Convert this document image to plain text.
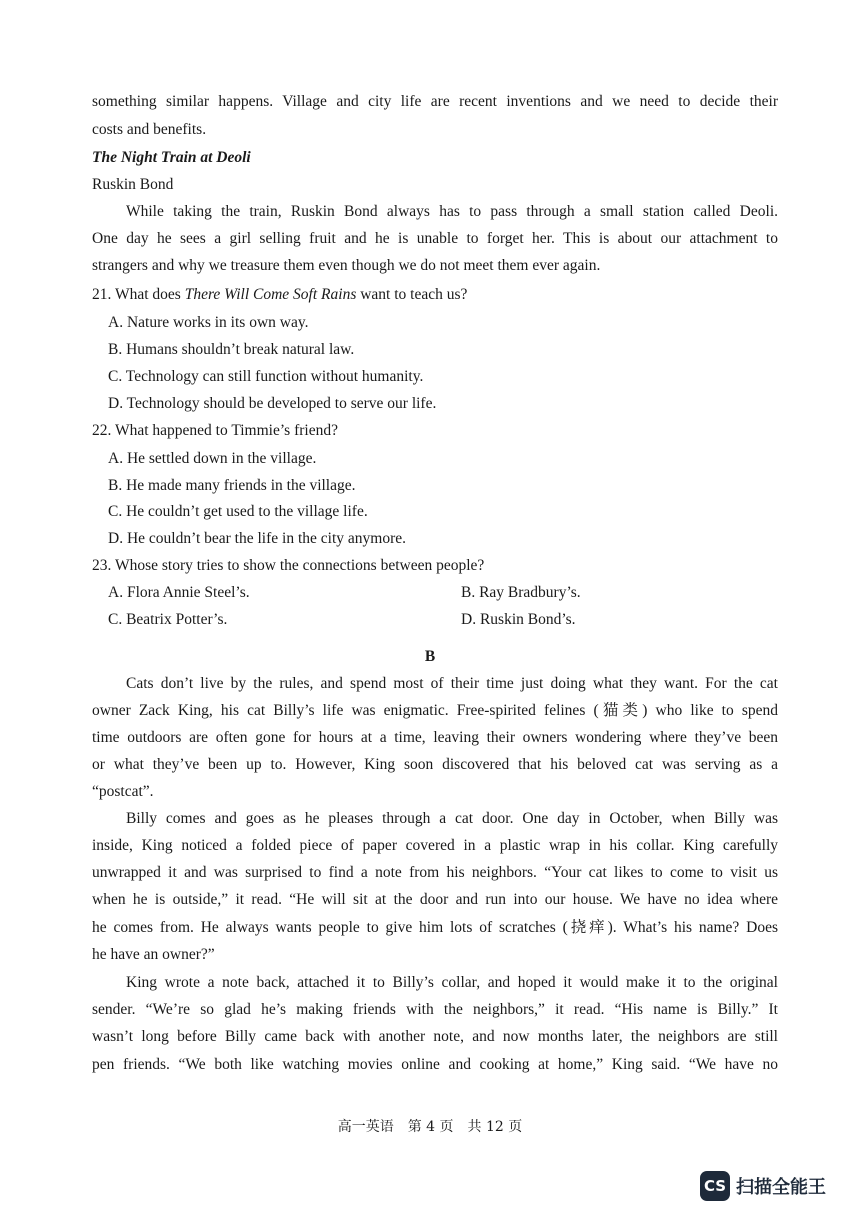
something similar happens. Village and city life are recent inventions and we need to decide their
costs and benefits.
The Night Train at Deoli
Ruskin Bond
While taking the train, Ruskin Bond always has to pass through a small station called Deoli.
One day he sees a girl selling fruit and he is unable to forget her. This is about our attachment to
strangers and why we treasure them even though we do not meet them ever again.
21. What does There Will Come Soft Rains want to teach us?
A. Nature works in its own way.
B. Humans shouldn’t break natural law.
C. Technology can still function without humanity.
D. Technology should be developed to serve our life.
22. What happened to Timmie’s friend?
A. He settled down in the village.
B. He made many friends in the village.
C. He couldn’t get used to the village life.
D. He couldn’t bear the life in the city anymore.
23. Whose story tries to show the connections between people?
A. Flora Annie Steel’s.	B. Ray Bradbury’s.
C. Beatrix Potter’s.	D. Ruskin Bond’s.
B
Cats don’t live by the rules, and spend most of their time just doing what they want. For the cat
owner Zack King, his cat Billy’s life was enigmatic. Free-spirited felines (猫类) who like to spend
time outdoors are often gone for hours at a time, leaving their owners wondering where they’ve been
or what they’ve been up to. However, King soon discovered that his beloved cat was serving as a
“postcat”.
Billy comes and goes as he pleases through a cat door. One day in October, when Billy was
inside, King noticed a folded piece of paper covered in a plastic wrap in his collar. King carefully
unwrapped it and was surprised to find a note from his neighbors. “Your cat likes to come to visit us
when he is outside,” it read. “He will sit at the door and run into our house. We have no idea where
he comes from. He always wants people to give him lots of scratches (挠痒). What’s his name? Does
he have an owner?”
King wrote a note back, attached it to Billy’s collar, and hoped it would make it to the original
sender. “We’re so glad he’s making friends with the neighbors,” it read. “His name is Billy.” It
wasn’t long before Billy came back with another note, and now months later, the neighbors are still
pen friends. “We both like watching movies online and cooking at home,” King said. “We have no
高一英语　第 4 页　共 12 页
CS 扫描全能王
